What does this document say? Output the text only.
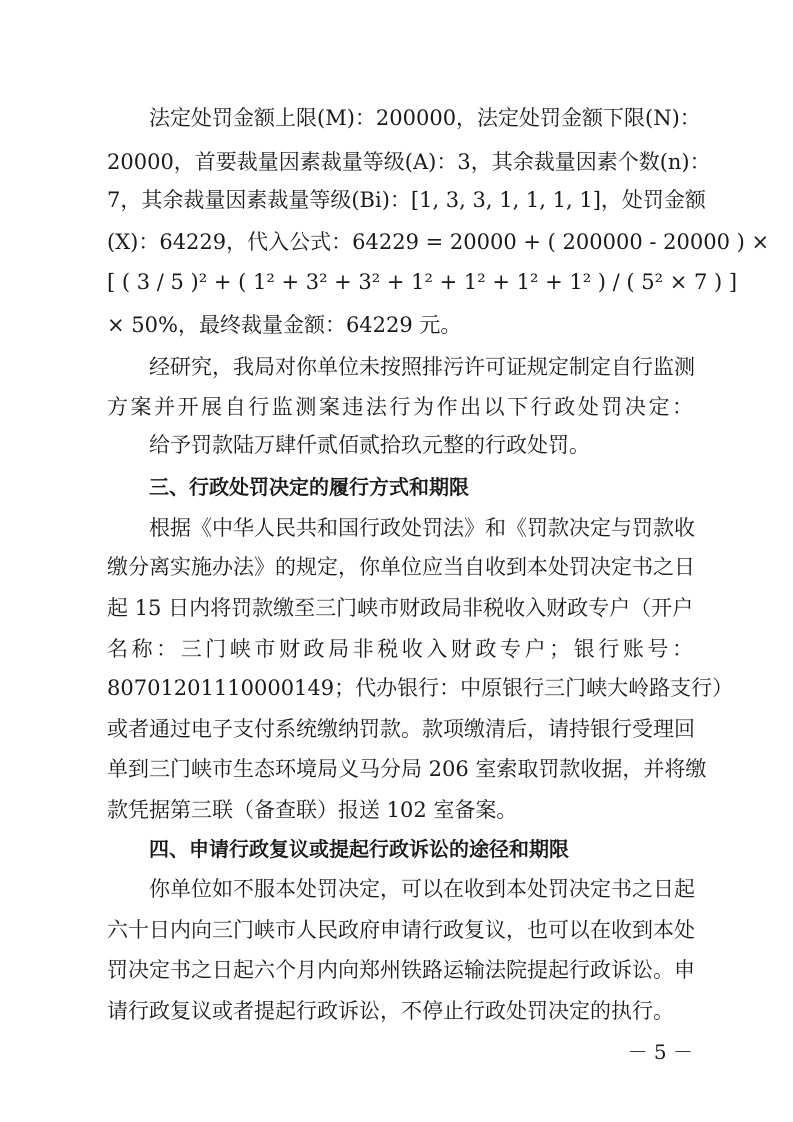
法定处罚金额上限(M)：200000，法定处罚金额下限(N)：
20000，首要裁量因素裁量等级(A)：3，其余裁量因素个数(n)：
7，其余裁量因素裁量等级(Bi)：[1, 3, 3, 1, 1, 1, 1]，处罚金额
(X)：64229，代入公式：64229 = 20000 + ( 200000 - 20000 ) ×
[ ( 3 / 5 )² + ( 1² + 3² + 3² + 1² + 1² + 1² + 1² ) / ( 5² × 7 ) ]
× 50%，最终裁量金额：64229 元。
经研究，我局对你单位未按照排污许可证规定制定自行监测
方案并开展自行监测案违法行为作出以下行政处罚决定：
给予罚款陆万肆仟贰佰贰拾玖元整的行政处罚。
三、行政处罚决定的履行方式和期限
根据《中华人民共和国行政处罚法》和《罚款决定与罚款收
缴分离实施办法》的规定，你单位应当自收到本处罚决定书之日
起 15 日内将罚款缴至三门峡市财政局非税收入财政专户（开户
名称：三门峡市财政局非税收入财政专户；银行账号：
80701201110000149；代办银行：中原银行三门峡大岭路支行）
或者通过电子支付系统缴纳罚款。款项缴清后，请持银行受理回
单到三门峡市生态环境局义马分局 206 室索取罚款收据，并将缴
款凭据第三联（备查联）报送 102 室备案。
四、申请行政复议或提起行政诉讼的途径和期限
你单位如不服本处罚决定，可以在收到本处罚决定书之日起
六十日内向三门峡市人民政府申请行政复议，也可以在收到本处
罚决定书之日起六个月内向郑州铁路运输法院提起行政诉讼。申
请行政复议或者提起行政诉讼，不停止行政处罚决定的执行。
－ 5 －
